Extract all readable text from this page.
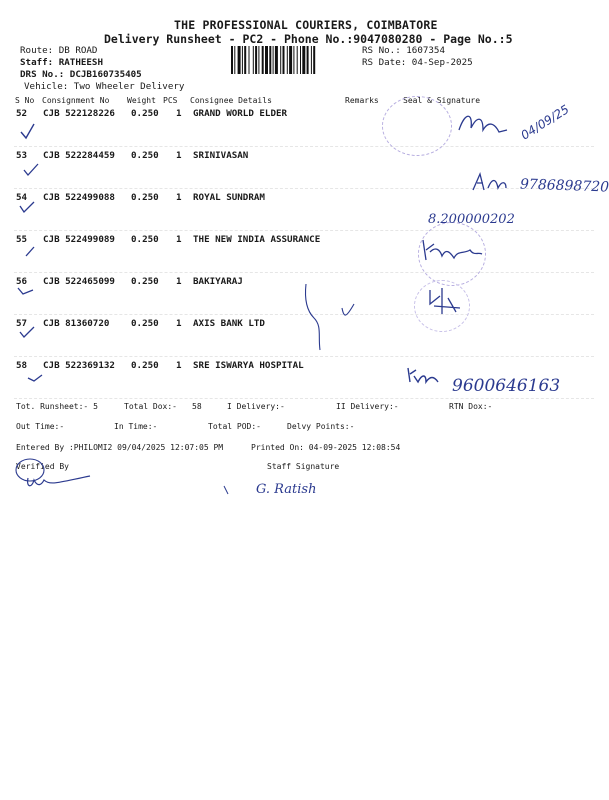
THE PROFESSIONAL COURIERS, COIMBATORE
Delivery Runsheet - PC2 - Phone No.:9047080280 - Page No.:5
Route: DB ROAD
Staff: RATHEESH
DRS No.: DCJB160735405
Vehicle: Two Wheeler Delivery
RS No.: 1607354
RS Date: 04-Sep-2025
S No Consignment No Weight PCS Consignee Details	Remarks	Seal & Signature
52 CJB 522128226 0.250 1 GRAND WORLD ELDER
53 CJB 522284459 0.250 1 SRINIVASAN
54 CJB 522499088 0.250 1 ROYAL SUNDRAM
55 CJB 522499089 0.250 1 THE NEW INDIA ASSURANCE
56 CJB 522465099 0.250 1 BAKIYARAJ
57 CJB 81360720 0.250 1 AXIS BANK LTD
58 CJB 522369132 0.250 1 SRE ISWARYA HOSPITAL
04/09/25
9786898720
8.200000202
9600646163
Tot. Runsheet:- 5	Total Dox:- 58	I Delivery:-	II Delivery:-	RTN Dox:-
Out Time:-	In Time:-	Total POD:-	Delvy Points:-
Entered By :PHILOMI2 09/04/2025 12:07:05 PM	Printed On: 04-09-2025 12:08:54
Verified By	Staff Signature
G. Ratish
